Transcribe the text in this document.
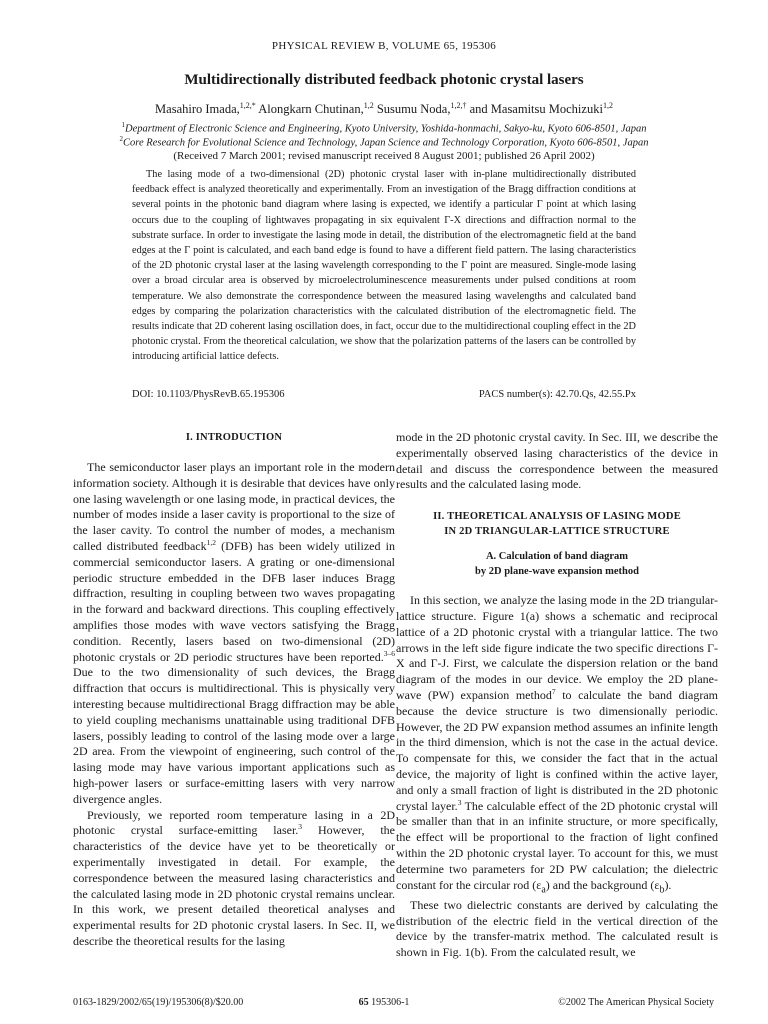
PHYSICAL REVIEW B, VOLUME 65, 195306
Multidirectionally distributed feedback photonic crystal lasers
Masahiro Imada,$^{1,2,*}$ Alongkarn Chutinan,$^{1,2}$ Susumu Noda,$^{1,2,\dagger}$ and Masamitsu Mochizuki$^{1,2}$
$^1$Department of Electronic Science and Engineering, Kyoto University, Yoshida-honmachi, Sakyo-ku, Kyoto 606-8501, Japan
$^2$Core Research for Evolutional Science and Technology, Japan Science and Technology Corporation, Kyoto 606-8501, Japan
(Received 7 March 2001; revised manuscript received 8 August 2001; published 26 April 2002)

The lasing mode of a two-dimensional (2D) photonic crystal laser with in-plane multidirectionally distributed feedback effect is analyzed theoretically and experimentally. From an investigation of the Bragg diffraction conditions at several points in the photonic band diagram where lasing is expected, we identify a particular Γ point at which lasing occurs due to the coupling of lightwaves propagating in six equivalent Γ-X directions and diffraction normal to the substrate surface. In order to investigate the lasing mode in detail, the distribution of the electromagnetic field at the band edges at the Γ point is calculated, and each band edge is found to have a different field pattern. The lasing characteristics of the 2D photonic crystal laser at the lasing wavelength corresponding to the Γ point are measured. Single-mode lasing over a broad circular area is observed by microelectroluminescence measurements under pulsed conditions at room temperature. We also demonstrate the correspondence between the measured lasing wavelengths and calculated band edges by comparing the polarization characteristics with the calculated distribution of the electromagnetic field. The results indicate that 2D coherent lasing oscillation does, in fact, occur due to the multidirectional coupling effect in the 2D photonic crystal. From the theoretical calculation, we show that the polarization patterns of the lasers can be controlled by introducing artificial lattice defects.

DOI: 10.1103/PhysRevB.65.195306	PACS number(s): 42.70.Qs, 42.55.Px
I. INTRODUCTION

The semiconductor laser plays an important role in the modern information society. Although it is desirable that devices have only one lasing wavelength or one lasing mode, in practical devices, the number of modes inside a laser cavity is proportional to the size of the laser cavity. To control the number of modes, a mechanism called distributed feedback$^{1,2}$ (DFB) has been widely utilized in commercial semiconductor lasers. A grating or one-dimensional periodic structure embedded in the DFB laser induces Bragg diffraction, resulting in coupling between two waves propagating in the forward and backward directions. This coupling effectively amplifies those modes with wave vectors satisfying the Bragg condition. Recently, lasers based on two-dimensional (2D) photonic crystals or 2D periodic structures have been reported.$^{3-6}$ Due to the two dimensionality of such devices, the Bragg diffraction that occurs is multidirectional. This is physically very interesting because multidirectional Bragg diffraction may be able to yield coupling mechanisms unattainable using traditional DFB lasers, possibly leading to control of the lasing mode over a large 2D area. From the viewpoint of engineering, such control of the lasing mode may have various important applications such as high-power lasers or surface-emitting lasers with very narrow divergence angles.

Previously, we reported room temperature lasing in a 2D photonic crystal surface-emitting laser.$^3$ However, the characteristics of the device have yet to be theoretically or experimentally investigated in detail. For example, the correspondence between the measured lasing characteristics and the calculated lasing mode in 2D photonic crystal remains unclear. In this work, we present detailed theoretical analyses and experimental results for 2D photonic crystal lasers. In Sec. II, we describe the theoretical results for the lasing

mode in the 2D photonic crystal cavity. In Sec. III, we describe the experimentally observed lasing characteristics of the device in detail and discuss the correspondence between the measured results and the calculated lasing mode.

II. THEORETICAL ANALYSIS OF LASING MODE
IN 2D TRIANGULAR-LATTICE STRUCTURE
A. Calculation of band diagram
by 2D plane-wave expansion method

In this section, we analyze the lasing mode in the 2D triangular-lattice structure. Figure 1(a) shows a schematic and reciprocal lattice of a 2D photonic crystal with a triangular lattice. The two arrows in the left side figure indicate the two specific directions Γ-X and Γ-J. First, we calculate the dispersion relation or the band diagram of the modes in our device. We employ the 2D plane-wave (PW) expansion method$^7$ to calculate the band diagram because the device structure is two dimensionally periodic. However, the 2D PW expansion method assumes an infinite length in the third dimension, which is not the case in the actual device. To compensate for this, we consider the fact that in the actual device, the majority of light is confined within the active layer, and only a small fraction of light is distributed in the 2D photonic crystal layer.$^3$ The calculable effect of the 2D photonic crystal will be smaller than that in an infinite structure, or more specifically, the effect will be proportional to the fraction of light confined within the 2D photonic crystal layer. To account for this, we must determine two parameters for 2D PW calculation; the dielectric constant for the circular rod $(\varepsilon_a)$ and the background $(\varepsilon_b)$.

These two dielectric constants are derived by calculating the distribution of the electric field in the vertical direction of the device by the transfer-matrix method. The calculated result is shown in Fig. 1(b). From the calculated result, we

0163-1829/2002/65(19)/195306(8)/$20.00	65 195306-1	©2002 The American Physical Society
